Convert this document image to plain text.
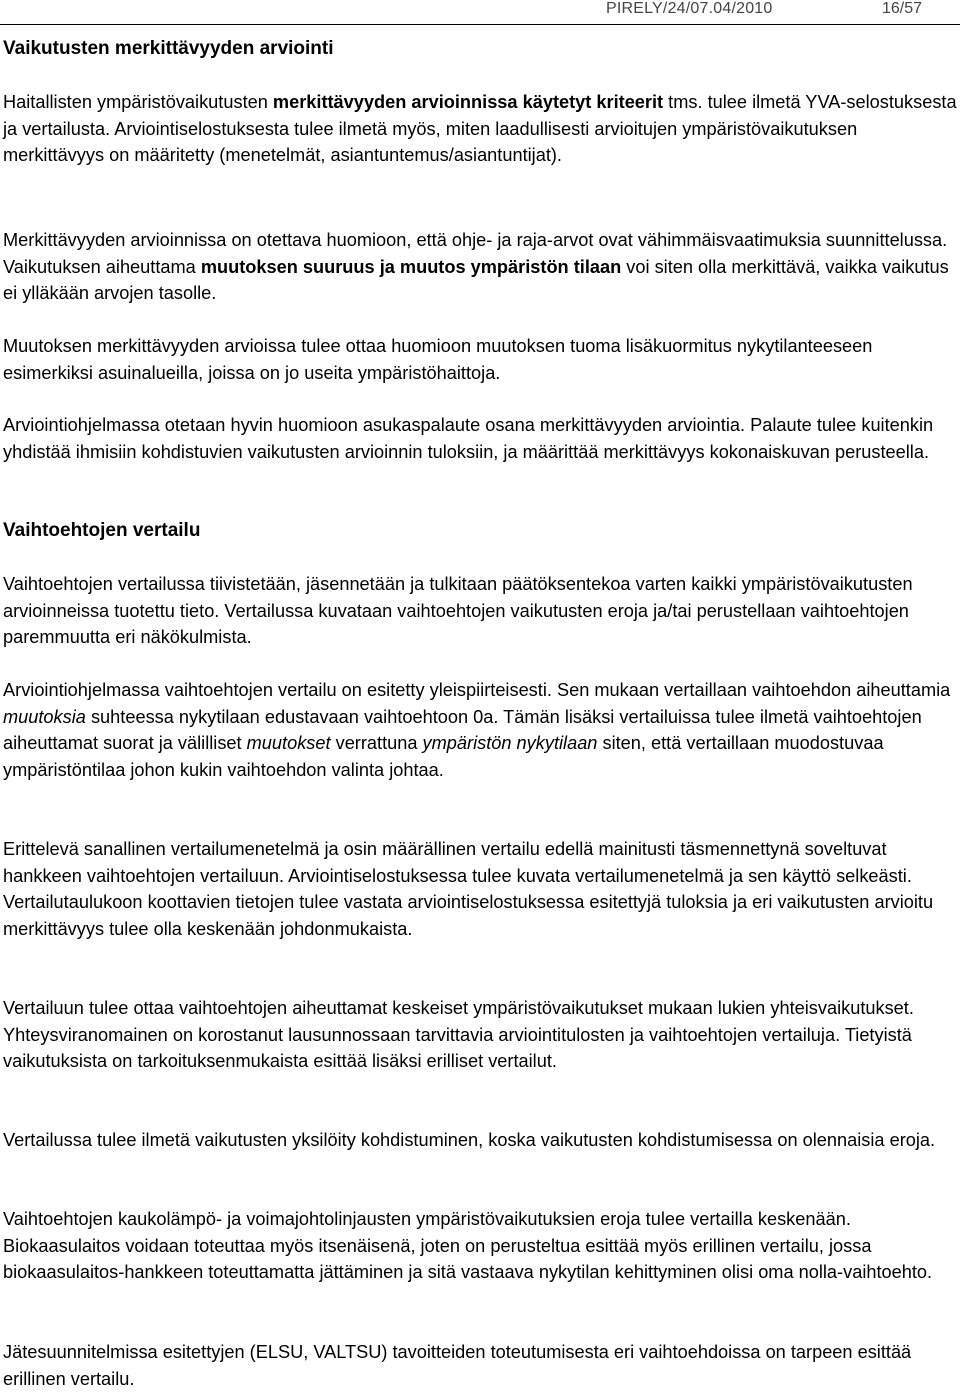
PIRELY/24/07.04/2010	16/57
Vaikutusten merkittävyyden arviointi

Haitallisten ympäristövaikutusten merkittävyyden arvioinnissa käytetyt kriteerit tms. tulee ilmetä YVA-selostuksesta ja vertailusta. Arviointiselostuksesta tulee ilmetä myös, miten laadullisesti arvioitujen ympäristövaikutuksen merkittävyys on määritetty (menetelmät, asiantuntemus/asiantuntijat).

Merkittävyyden arvioinnissa on otettava huomioon, että ohje- ja raja-arvot ovat vähimmäisvaatimuksia suunnittelussa. Vaikutuksen aiheuttama muutoksen suuruus ja muutos ympäristön tilaan voi siten olla merkittävä, vaikka vaikutus ei ylläkään arvojen tasolle.

Muutoksen merkittävyyden arvioissa tulee ottaa huomioon muutoksen tuoma lisäkuormitus nykytilanteeseen esimerkiksi asuinalueilla, joissa on jo useita ympäristöhaittoja.

Arviointiohjelmassa otetaan hyvin huomioon asukaspalaute osana merkittävyyden arviointia. Palaute tulee kuitenkin yhdistää ihmisiin kohdistuvien vaikutusten arvioinnin tuloksiin, ja määrittää merkittävyys kokonaiskuvan perusteella.

Vaihtoehtojen vertailu

Vaihtoehtojen vertailussa tiivistetään, jäsennetään ja tulkitaan päätöksentekoa varten kaikki ympäristövaikutusten arvioinneissa tuotettu tieto. Vertailussa kuvataan vaihtoehtojen vaikutusten eroja ja/tai perustellaan vaihtoehtojen paremmuutta eri näkökulmista.

Arviointiohjelmassa vaihtoehtojen vertailu on esitetty yleispiirteisesti. Sen mukaan vertaillaan vaihtoehdon aiheuttamia muutoksia suhteessa nykytilaan edustavaan vaihtoehtoon 0a. Tämän lisäksi vertailuissa tulee ilmetä vaihtoehtojen aiheuttamat suorat ja välilliset muutokset verrattuna ympäristön nykytilaan siten, että vertaillaan muodostuvaa ympäristöntilaa johon kukin vaihtoehdon valinta johtaa.

Erittelevä sanallinen vertailumenetelmä ja osin määrällinen vertailu edellä mainitusti täsmennettynä soveltuvat hankkeen vaihtoehtojen vertailuun. Arviointiselostuksessa tulee kuvata vertailumenetelmä ja sen käyttö selkeästi. Vertailutaulukoon koottavien tietojen tulee vastata arviointiselostuksessa esitettyjä tuloksia ja eri vaikutusten arvioitu merkittävyys tulee olla keskenään johdonmukaista.

Vertailuun tulee ottaa vaihtoehtojen aiheuttamat keskeiset ympäristövaikutukset mukaan lukien yhteisvaikutukset. Yhteysviranomainen on korostanut lausunnossaan tarvittavia arviointitulosten ja vaihtoehtojen vertailuja. Tietyistä vaikutuksista on tarkoituksenmukaista esittää lisäksi erilliset vertailut.

Vertailussa tulee ilmetä vaikutusten yksilöity kohdistuminen, koska vaikutusten kohdistumisessa on olennaisia eroja.

Vaihtoehtojen kaukolämpö- ja voimajohtolinjausten ympäristövaikutuksien eroja tulee vertailla keskenään. Biokaasulaitos voidaan toteuttaa myös itsenäisenä, joten on perusteltua esittää myös erillinen vertailu, jossa biokaasulaitos-hankkeen toteuttamatta jättäminen ja sitä vastaava nykytilan kehittyminen olisi oma nolla-vaihtoehto.

Jätesuunnitelmissa esitettyjen (ELSU, VALTSU) tavoitteiden toteutumisesta eri vaihtoehdoissa on tarpeen esittää erillinen vertailu.
